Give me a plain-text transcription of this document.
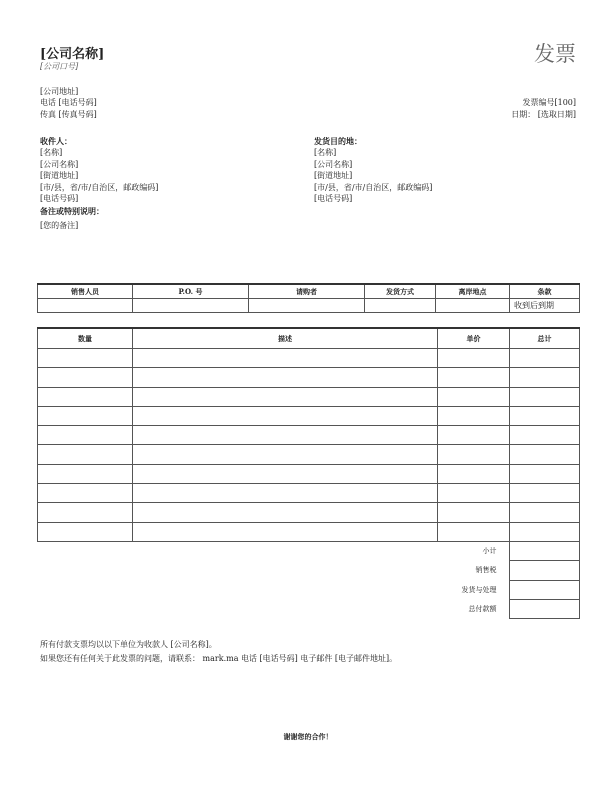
[公司名称]
[公司口号]
[公司地址]
电话 [电话号码]
传真 [传真号码]
发票
发票编号[100]
日期： [选取日期]
收件人：
[名称]
[公司名称]
[街道地址]
[市/县，省/市/自治区，邮政编码]
[电话号码]
备注或特别说明：
[您的备注]
发货目的地：
[名称]
[公司名称]
[街道地址]
[市/县，省/市/自治区，邮政编码]
[电话号码]
销售人员	P.O. 号	请购者	发货方式	离岸地点	条款
					收到后到期
数量	描述	单价	总计

小计	
销售税	
发货与处理	
总付款额	
所有付款支票均以以下单位为收款人 [公司名称]。
如果您还有任何关于此发票的问题，请联系： mark.ma 电话 [电话号码] 电子邮件 [电子邮件地址]。
谢谢您的合作！
